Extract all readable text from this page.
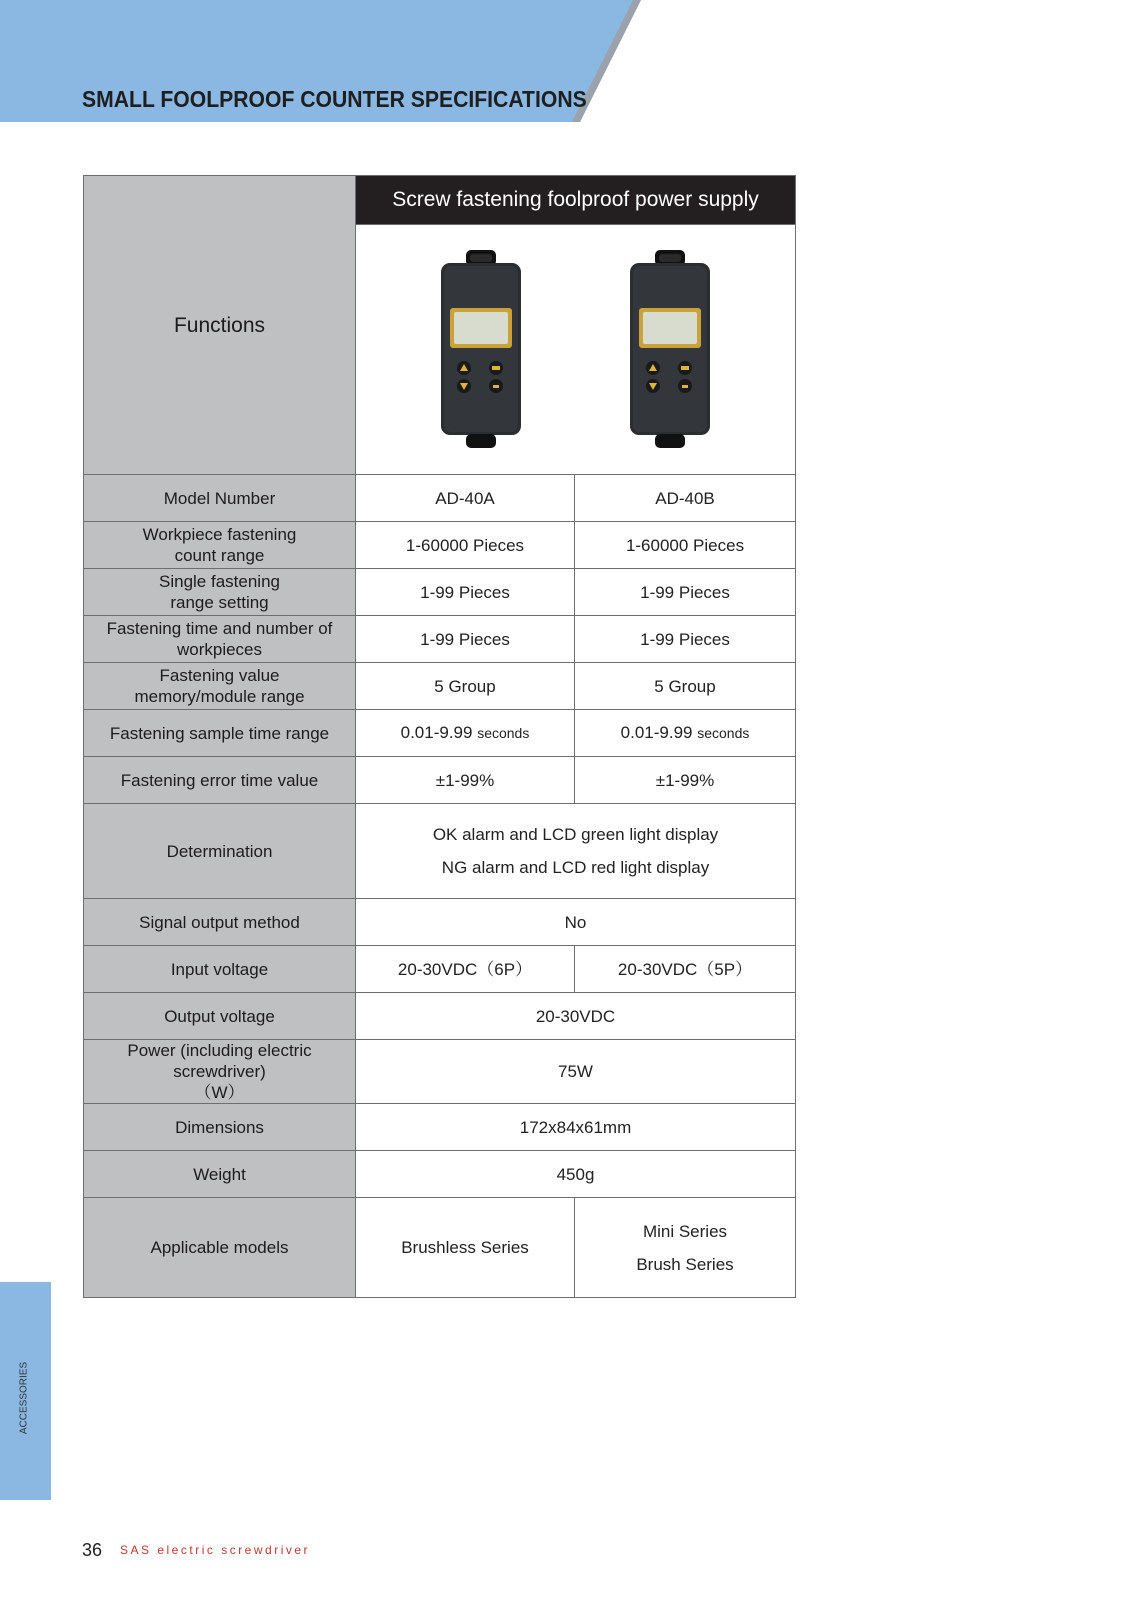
SMALL FOOLPROOF COUNTER SPECIFICATIONS
Functions	Screw fastening foolproof power supply	

Model Number	AD-40A	AD-40B
Workpiece fastening
count range	1-60000 Pieces	1-60000 Pieces
Single fastening
range setting	1-99 Pieces	1-99 Pieces
Fastening time and number of
workpieces	1-99 Pieces	1-99 Pieces
Fastening value
memory/module range	5 Group	5 Group
Fastening sample time range	0.01-9.99 seconds	0.01-9.99 seconds
Fastening error time value	±1-99%	±1-99%
Determination	OK alarm and LCD green light display
NG alarm and LCD red light display	

Signal output method	No	
Input voltage	20-30VDC（6P）	20-30VDC（5P）
Output voltage	20-30VDC	
Power (including electric screwdriver)
（W）	75W	
Dimensions	172x84x61mm	
Weight	450g	
Applicable models	Brushless Series	Mini Series
Brush Series
ACCESSORIES
36 SAS electric screwdriver
